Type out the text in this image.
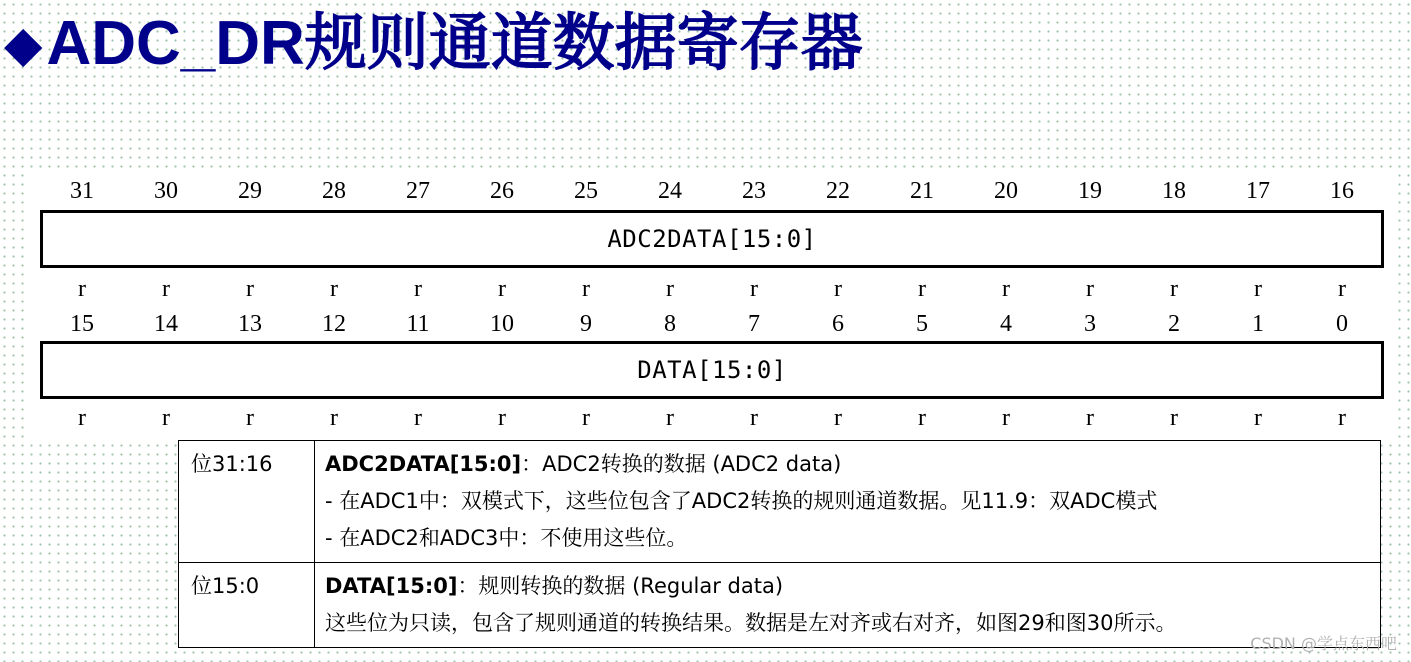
◆ ADC_DR规则通道数据寄存器
31	30	29	28	27	26	25	24	23	22	21	20	19	18	17	16
ADC2DATA[15:0]
r	r	r	r	r	r	r	r	r	r	r	r	r	r	r	r
15	14	13	12	11	10	9	8	7	6	5	4	3	2	1	0
DATA[15:0]
r	r	r	r	r	r	r	r	r	r	r	r	r	r	r	r
位31:16	ADC2DATA[15:0]：ADC2转换的数据 (ADC2 data)
- 在ADC1中：双模式下，这些位包含了ADC2转换的规则通道数据。见11.9：双ADC模式
- 在ADC2和ADC3中：不使用这些位。

位15:0	DATA[15:0]：规则转换的数据 (Regular data)
这些位为只读，包含了规则通道的转换结果。数据是左对齐或右对齐，如图29和图30所示。
CSDN @学点东西吧
